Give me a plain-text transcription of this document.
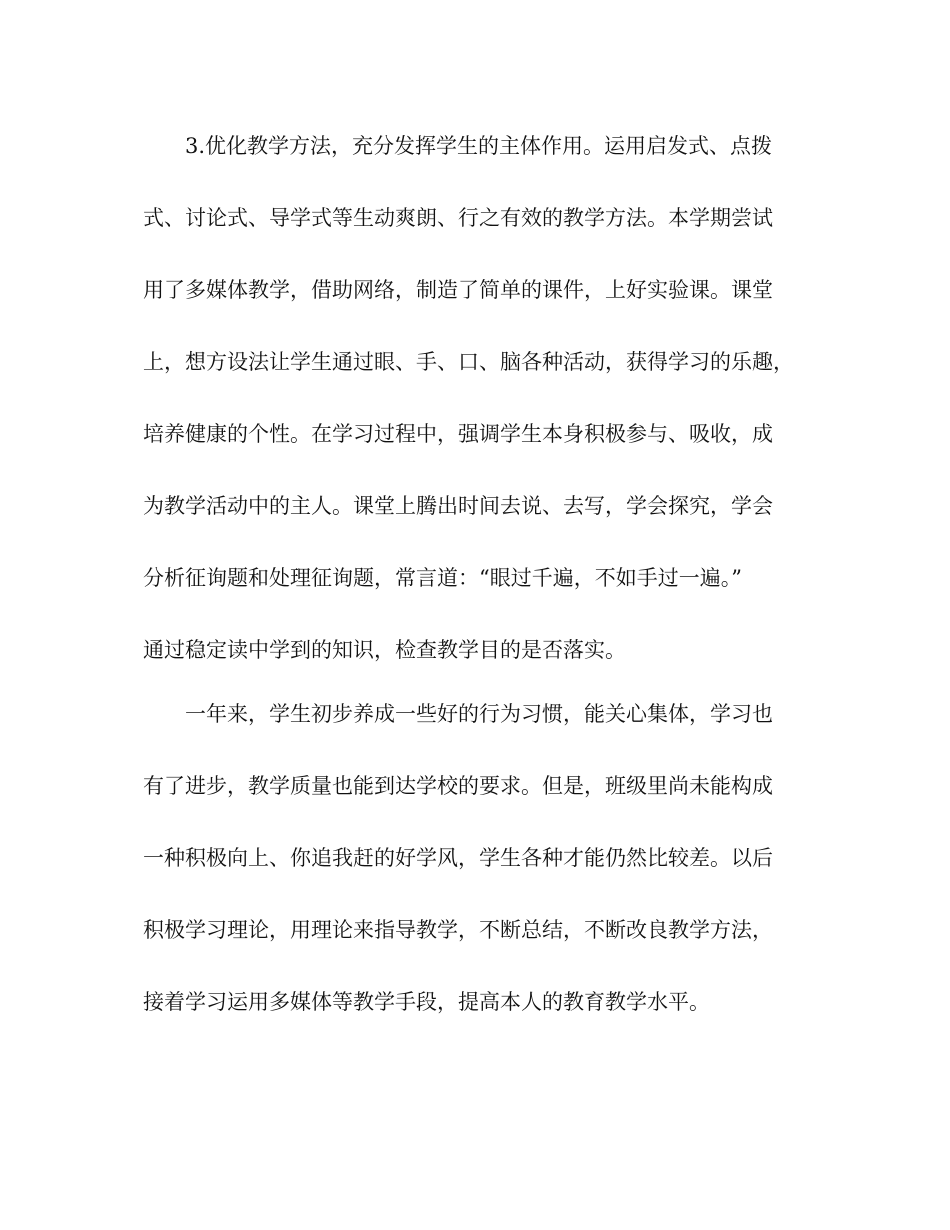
3.优化教学方法，充分发挥学生的主体作用。运用启发式、点拨
式、讨论式、导学式等生动爽朗、行之有效的教学方法。本学期尝试
用了多媒体教学，借助网络，制造了简单的课件，上好实验课。课堂
上，想方设法让学生通过眼、手、口、脑各种活动，获得学习的乐趣，
培养健康的个性。在学习过程中，强调学生本身积极参与、吸收，成
为教学活动中的主人。课堂上腾出时间去说、去写，学会探究，学会
分析征询题和处理征询题，常言道：“眼过千遍，不如手过一遍。”
通过稳定读中学到的知识，检查教学目的是否落实。
一年来，学生初步养成一些好的行为习惯，能关心集体，学习也
有了进步，教学质量也能到达学校的要求。但是，班级里尚未能构成
一种积极向上、你追我赶的好学风，学生各种才能仍然比较差。以后
积极学习理论，用理论来指导教学，不断总结，不断改良教学方法，
接着学习运用多媒体等教学手段，提高本人的教育教学水平。
